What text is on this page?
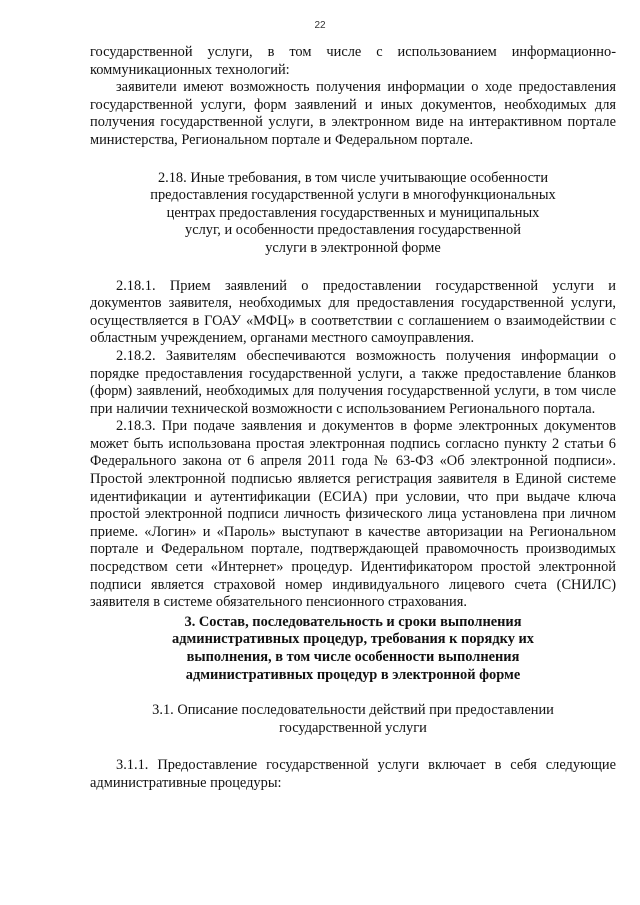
22

государственной услуги, в том числе с использованием информационно-коммуникационных технологий:

заявители имеют возможность получения информации о ходе предоставления государственной услуги, форм заявлений и иных документов, необходимых для получения государственной услуги, в электронном виде на интерактивном портале министерства, Региональном портале и Федеральном портале.

2.18. Иные требования, в том числе учитывающие особенности

предоставления государственной услуги в многофункциональных

центрах предоставления государственных и муниципальных

услуг, и особенности предоставления государственной

услуги в электронной форме

2.18.1. Прием заявлений о предоставлении государственной услуги и документов заявителя, необходимых для предоставления государственной услуги, осуществляется в ГОАУ «МФЦ» в соответствии с соглашением о взаимодействии с областным учреждением, органами местного самоуправления.

2.18.2. Заявителям обеспечиваются возможность получения информации о порядке предоставления государственной услуги, а также предоставление бланков (форм) заявлений, необходимых для получения государственной услуги, в том числе при наличии технической возможности с использованием Регионального портала.

2.18.3. При подаче заявления и документов в форме электронных документов может быть использована простая электронная подпись согласно пункту 2 статьи 6 Федерального закона от 6 апреля 2011 года № 63-ФЗ «Об электронной подписи». Простой электронной подписью является регистрация заявителя в Единой системе идентификации и аутентификации (ЕСИА) при условии, что при выдаче ключа простой электронной подписи личность физического лица установлена при личном приеме. «Логин» и «Пароль» выступают в качестве авторизации на Региональном портале и Федеральном портале, подтверждающей правомочность производимых посредством сети «Интернет» процедур. Идентификатором простой электронной подписи является страховой номер индивидуального лицевого счета (СНИЛС) заявителя в системе обязательного пенсионного страхования.

3. Состав, последовательность и сроки выполнения

административных процедур, требования к порядку их

выполнения, в том числе особенности выполнения

административных процедур в электронной форме

3.1. Описание последовательности действий при предоставлении

государственной услуги

3.1.1. Предоставление государственной услуги включает в себя следующие административные процедуры:
